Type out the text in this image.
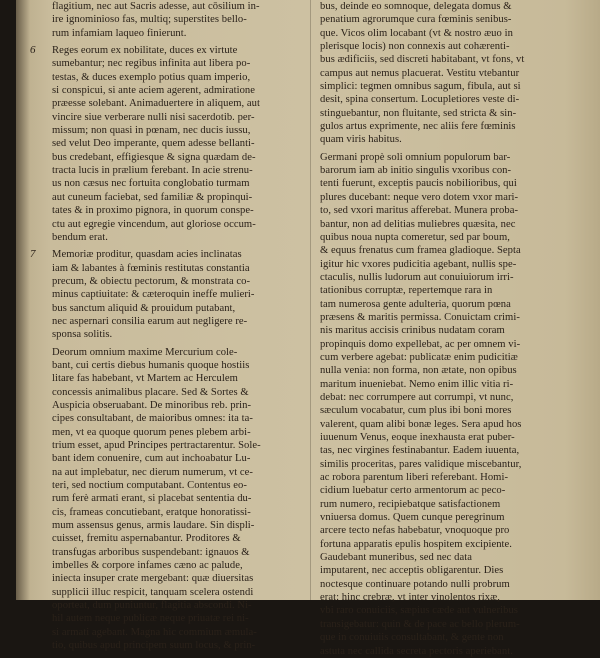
flagitium, nec aut Sacris adesse, aut cōsilium in-
ire ignominioso fas, multiq; superstites bello-
rum infamiam laqueo finierunt.
6 Reges eorum ex nobilitate, duces ex virtute
sumebantur; nec regibus infinita aut libera po-
testas, & duces exemplo potius quam imperio,
si conspicui, si ante aciem agerent, admiratione
præesse solebant. Animaduertere in aliquem, aut
vincire siue verberare nulli nisi sacerdotib. per-
missum; non quasi in pœnam, nec ducis iussu,
sed velut Deo imperante, quem adesse bellanti-
bus credebant, effigiesque & signa quædam de-
tracta lucis in prælium ferebant. In acie strenu-
us non cæsus nec fortuita conglobatio turmam
aut cuneum faciebat, sed familiæ & propinqui-
tates & in proximo pignora, in quorum conspe-
ctu aut egregie vincendum, aut gloriose occum-
bendum erat.
7 Memoriæ proditur, quasdam acies inclinatas
iam & labantes à fœminis restitutas constantia
precum, & obiectu pectorum, & monstrata co-
minus captiuitate: & cæteroquin ineffe mulieri-
bus sanctum aliquid & prouidum putabant,
nec aspernari consilia earum aut negligere re-
sponsa solitis.
Deorum omnium maxime Mercurium cole-
bant, cui certis diebus humanis quoque hostiis
litare fas habebant, vt Martem ac Herculem
concessis animalibus placare. Sed & Sortes &
Auspicia obseruabant. De minoribus reb. prin-
cipes consultabant, de maioribus omnes: ita ta-
men, vt ea quoque quorum penes plebem arbi-
trium esset, apud Principes pertractarentur. Sole-
bant idem conuenire, cum aut inchoabatur Lu-
na aut implebatur, nec dierum numerum, vt ce-
teri, sed noctium computabant. Contentus eo-
rum ferè armati erant, si placebat sententia du-
cis, frameas concutiebant, eratque honoratissi-
mum assensus genus, armis laudare. Sin displi-
cuisset, fremitu aspernabantur. Proditores &
transfugas arboribus suspendebant: ignauos &
imbelles & corpore infames cæno ac palude,
iniecta insuper crate mergebant: quæ diuersitas
supplicii illuc respicit, tanquam scelera ostendi
oporteat, dum puniuntur, flagitia abscondi. Ni-
hil autem neque publicæ neque priuatæ rei ni-
si armati agebant. Magna hic commium æmula-
tio, quibus apud principem suum locus, & prin-
bus, deinde eo somnoque, delegata domus &
penatium agrorumque cura fœminis senibus-
que. Vicos olim locabant (vt & nostro æuo in
plerisque locis) non connexis aut cohærenti-
bus ædificiis, sed discreti habitabant, vt fons, vt
campus aut nemus placuerat. Vestitu vtebantur
simplici: tegmen omnibus sagum, fibula, aut si
desit, spina consertum. Locupletiores veste di-
stinguebantur, non fluitante, sed stricta & sin-
gulos artus exprimente, nec aliis fere fœminis
quam viris habitus.
Germani propè soli omnium populorum bar-
barorum iam ab initio singulis vxoribus con-
tenti fuerunt, exceptis paucis nobilioribus, qui
plures ducebant: neque vero dotem vxor mari-
to, sed vxori maritus afferebat. Munera proba-
bantur, non ad delitias muliebres quæsita, nec
quibus noua nupta comeretur, sed par boum,
& equus frenatus cum framea gladioque. Septa
igitur hic vxores pudicitia agebant, nullis spe-
ctaculis, nullis ludorum aut conuiuiorum irri-
tationibus corruptæ, repertemque rara in
tam numerosa gente adulteria, quorum pœna
præsens & maritis permissa. Conuictam crimi-
nis maritus accisis crinibus nudatam coram
propinquis domo expellebat, ac per omnem vi-
cum verbere agebat: publicatæ enim pudicitiæ
nulla venia: non forma, non ætate, non opibus
maritum inueniebat. Nemo enim illic vitia ri-
debat: nec corrumpere aut corrumpi, vt nunc,
sæculum vocabatur, cum plus ibi boni mores
valerent, quam alibi bonæ leges. Sera apud hos
iuuenum Venus, eoque inexhausta erat puber-
tas, nec virgines festinabantur. Eadem iuuenta,
similis proceritas, pares validique miscebantur,
ac robora parentum liberi referebant. Homi-
cidium luebatur certo armentorum ac peco-
rum numero, recipiebatque satisfactionem
vniuersa domus. Quem cunque peregrinum
arcere tecto nefas habebatur, vnoquoque pro
fortuna apparatis epulis hospitem excipiente.
Gaudebant muneribus, sed nec data
imputarent, nec acceptis obligarentur. Dies
noctesque continuare potando nulli probrum
erat: hinc crebræ, vt inter vinolentos rixæ,
vbi raro conuiciis, sæpius cæde aut vulneribus
transigebatur: quin & de pace ac bello plerum-
que in conuiuiis consultabant, & gente non
astuta nec callida secreta pectoris aperiebant.
